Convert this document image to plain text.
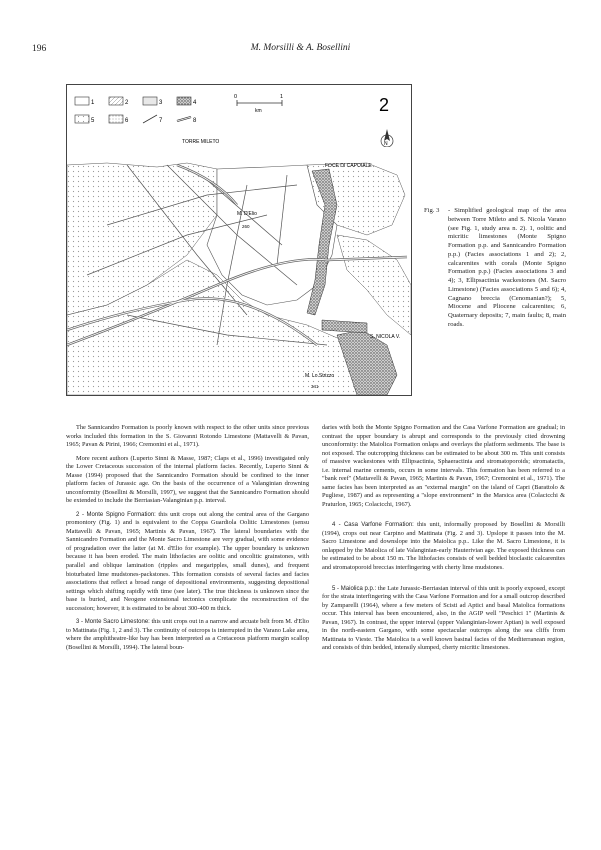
196	M. Morsilli & A. Bosellini
1	2	3	4
5	6	7	8
0	1
km	2
N
TORRE MILETO
FOCE DI CAPOIALE
M. D'Elio
260
S. NICOLA V.
M. Lo Strizzo
341
Fig. 3 - Simplified geological map of the area between Torre Mileto and S. Nicola Varano (see Fig. 1, study area n. 2). 1, oolitic and micritic limestones (Monte Spigno Formation p.p. and Sannicandro Formation p.p.) (Facies associations 1 and 2); 2, calcarenites with corals (Monte Spigno Formation p.p.) (Facies associations 3 and 4); 3, Ellipsactinia wackestones (M. Sacro Limestone) (Facies associations 5 and 6); 4, Cagnano breccia (Cenomanian?); 5, Miocene and Pliocene calcarenites; 6, Quaternary deposits; 7, main faults; 8, main roads.

The Sannicandro Formation is poorly known with respect to the other units since previous works included this formation in the S. Giovanni Rotondo Limestone (Mattavelli & Pavan, 1965; Pavan & Pirini, 1966; Cremonini et al., 1971).

More recent authors (Luperto Sinni & Masse, 1987; Claps et al., 1996) investigated only the Lower Cretaceous succession of the internal platform facies. Recently, Luperto Sinni & Masse (1994) proposed that the Sannicandro Formation should be confined to the inner platform facies of Jurassic age. On the basis of the occurrence of a Valanginian drowning unconformity (Bosellini & Morsilli, 1997), we suggest that the Sannicandro Formation should be extended to include the Berriasian-Valanginian p.p. interval.

2 - Monte Spigno Formation: this unit crops out along the central area of the Gargano promontory (Fig. 1) and is equivalent to the Coppa Guardiola Oolitic Limestones (sensu Mattavelli & Pavan, 1965; Martinis & Pavan, 1967). The lateral boundaries with the Sannicandro Formation and the Monte Sacro Limestone are very gradual, with some evidence of progradation over the latter (at M. d'Elio for example). The upper boundary is unknown because it has been eroded. The main lithofacies are oolitic and oncolitic grainstones, with parallel and oblique lamination (ripples and megaripples, small dunes), and frequent bioturbated lime mudstones-packstones. This formation consists of several facies and facies associations that reflect a broad range of depositional environments, suggesting depositional settings which shifting rapidly with time (see later). The true thickness is unknown since the base is buried, and Neogene extensional tectonics complicate the reconstruction of the succession; however, it is estimated to be about 300-400 m thick.

3 - Monte Sacro Limestone: this unit crops out in a narrow and arcuate belt from M. d'Elio to Mattinata (Fig. 1, 2 and 3). The continuity of outcrops is interrupted in the Varano Lake area, where the amphitheatre-like bay has been interpreted as a Cretaceous platform margin scallop (Bosellini & Morsilli, 1994). The lateral boun-

daries with both the Monte Spigno Formation and the Casa Varfone Formation are gradual; in contrast the upper boundary is abrupt and corresponds to the previously cited drowning unconformity: the Maiolica Formation onlaps and overlays the platform sediments. The base is not exposed. The outcropping thickness can be estimated to be about 300 m. This unit consists of massive wackestones with Ellipsactinia, Sphaeractinia and stromatoporoids; stromatactis, i.e. internal marine cements, occurs in some intervals. This formation has been referred to a "bank reef" (Mattavelli & Pavan, 1965; Martinis & Pavan, 1967; Cremonini et al., 1971). The same facies has been interpreted as an "external margin" on the island of Capri (Barattolo & Pugliese, 1987) and as representing a "slope environment" in the Marsica area (Colacicchi & Praturlon, 1965; Colacicchi, 1967).

4 - Casa Varfone Formation: this unit, informally proposed by Bosellini & Morsilli (1994), crops out near Carpino and Mattinata (Fig. 2 and 3). Upslope it passes into the M. Sacro Limestone and downslope into the Maiolica p.p.. Like the M. Sacro Limestone, it is onlapped by the Maiolica of late Valanginian-early Hauterivian age. The exposed thickness can be estimated to be about 150 m. The lithofacies consists of well bedded bioclastic calcarenites and stromatoporoid breccias interfingering with cherty lime mudstones.

5 - Maiolica p.p.: the Late Jurassic-Berriasian interval of this unit is poorly exposed, except for the strata interfingering with the Casa Varfone Formation and for a small outcrop described by Zamparelli (1964), where a few meters of Scisti ad Aptici and basal Maiolica formations occur. This interval has been encountered, also, in the AGIP well "Peschici 1" (Martinis & Pavan, 1967). In contrast, the upper interval (upper Valanginian-lower Aptian) is well exposed in the north-eastern Gargano, with some spectacular outcrops along the sea cliffs from Mattinata to Vieste. The Maiolica is a well known basinal facies of the Mediterranean region, and consists of thin bedded, intensily slumped, cherty micritic limestones.
